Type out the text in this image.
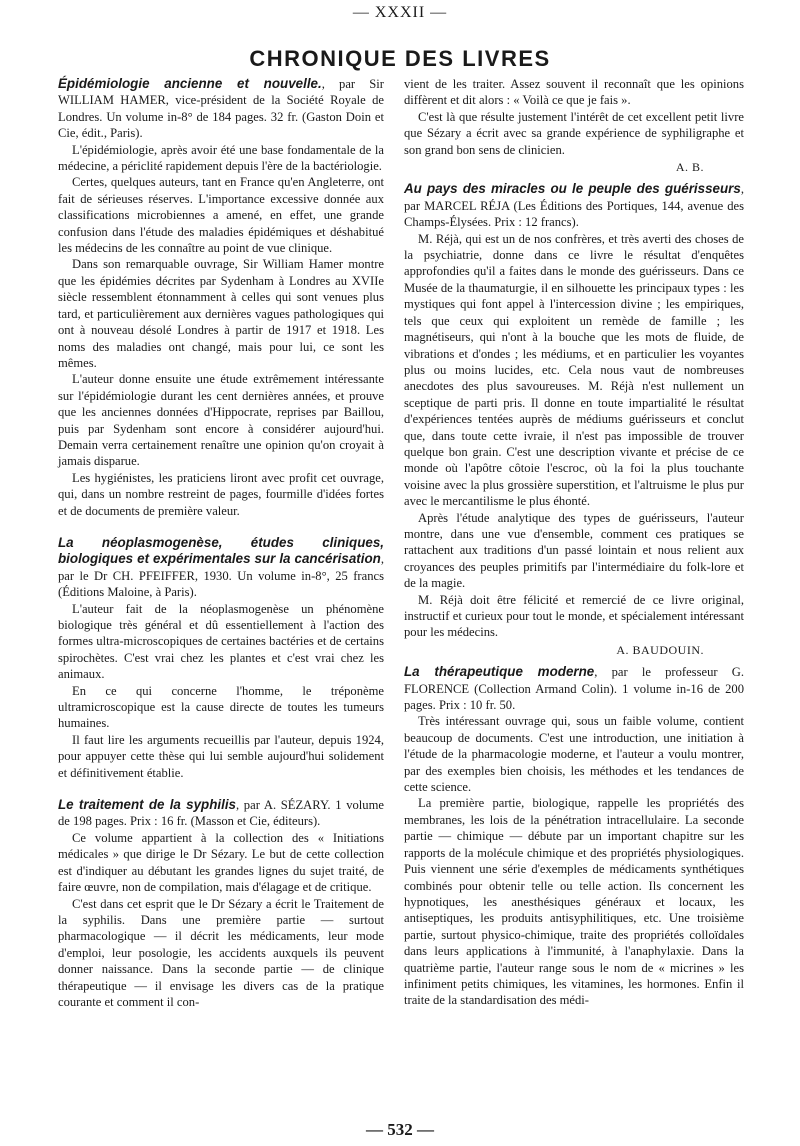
— XXXII —
CHRONIQUE DES LIVRES

Épidémiologie ancienne et nouvelle., par Sir WILLIAM HAMER, vice-président de la Société Royale de Londres. Un volume in-8° de 184 pages. 32 fr. (Gaston Doin et Cie, édit., Paris).

L'épidémiologie, après avoir été une base fondamentale de la médecine, a périclité rapidement depuis l'ère de la bactériologie.

Certes, quelques auteurs, tant en France qu'en Angleterre, ont fait de sérieuses réserves. L'importance excessive donnée aux classifications microbiennes a amené, en effet, une grande confusion dans l'étude des maladies épidémiques et déshabitué les médecins de les connaître au point de vue clinique.

Dans son remarquable ouvrage, Sir William Hamer montre que les épidémies décrites par Sydenham à Londres au XVIIe siècle ressemblent étonnamment à celles qui sont venues plus tard, et particulièrement aux dernières vagues pathologiques qui ont à nouveau désolé Londres à partir de 1917 et 1918. Les noms des maladies ont changé, mais pour lui, ce sont les mêmes.

L'auteur donne ensuite une étude extrêmement intéressante sur l'épidémiologie durant les cent dernières années, et prouve que les anciennes données d'Hippocrate, reprises par Baillou, puis par Sydenham sont encore à considérer aujourd'hui. Demain verra certainement renaître une opinion qu'on croyait à jamais disparue.

Les hygiénistes, les praticiens liront avec profit cet ouvrage, qui, dans un nombre restreint de pages, fourmille d'idées fortes et de documents de première valeur.

La néoplasmogenèse, études cliniques, biologiques et expérimentales sur la cancérisation, par le Dr CH. PFEIFFER, 1930. Un volume in-8°, 25 francs (Éditions Maloine, à Paris).

L'auteur fait de la néoplasmogenèse un phénomène biologique très général et dû essentiellement à l'action des formes ultra-microscopiques de certaines bactéries et de certains spirochètes. C'est vrai chez les plantes et c'est vrai chez les animaux.

En ce qui concerne l'homme, le tréponème ultramicroscopique est la cause directe de toutes les tumeurs humaines.

Il faut lire les arguments recueillis par l'auteur, depuis 1924, pour appuyer cette thèse qui lui semble aujourd'hui solidement et définitivement établie.

Le traitement de la syphilis, par A. SÉZARY. 1 volume de 198 pages. Prix : 16 fr. (Masson et Cie, éditeurs).

Ce volume appartient à la collection des « Initiations médicales » que dirige le Dr Sézary. Le but de cette collection est d'indiquer au débutant les grandes lignes du sujet traité, de faire œuvre, non de compilation, mais d'élagage et de critique.

C'est dans cet esprit que le Dr Sézary a écrit le Traitement de la syphilis. Dans une première partie — surtout pharmacologique — il décrit les médicaments, leur mode d'emploi, leur posologie, les accidents auxquels ils peuvent donner naissance. Dans la seconde partie — de clinique thérapeutique — il envisage les divers cas de la pratique courante et comment il con-

vient de les traiter. Assez souvent il reconnaît que les opinions diffèrent et dit alors : « Voilà ce que je fais ».

C'est là que résulte justement l'intérêt de cet excellent petit livre que Sézary a écrit avec sa grande expérience de syphiligraphe et son grand bon sens de clinicien.

A. B.

Au pays des miracles ou le peuple des guérisseurs, par MARCEL RÉJA (Les Éditions des Portiques, 144, avenue des Champs-Élysées. Prix : 12 francs).

M. Réjà, qui est un de nos confrères, et très averti des choses de la psychiatrie, donne dans ce livre le résultat d'enquêtes approfondies qu'il a faites dans le monde des guérisseurs. Dans ce Musée de la thaumaturgie, il en silhouette les principaux types : les mystiques qui font appel à l'intercession divine ; les empiriques, tels que ceux qui exploitent un remède de famille ; les magnétiseurs, qui n'ont à la bouche que les mots de fluide, de vibrations et d'ondes ; les médiums, et en particulier les voyantes plus ou moins lucides, etc. Cela nous vaut de nombreuses anecdotes des plus savoureuses. M. Réjà n'est nullement un sceptique de parti pris. Il donne en toute impartialité le résultat d'expériences tentées auprès de médiums guérisseurs et conclut que, dans toute cette ivraie, il n'est pas impossible de trouver quelque bon grain. C'est une description vivante et précise de ce monde où l'apôtre côtoie l'escroc, où la foi la plus touchante voisine avec la plus grossière superstition, et l'altruisme le plus pur avec le mercantilisme le plus éhonté.

Après l'étude analytique des types de guérisseurs, l'auteur montre, dans une vue d'ensemble, comment ces pratiques se rattachent aux traditions d'un passé lointain et nous relient aux croyances des peuples primitifs par l'intermédiaire du folk-lore et de la magie.

M. Réjà doit être félicité et remercié de ce livre original, instructif et curieux pour tout le monde, et spécialement intéressant pour les médecins.

A. BAUDOUIN.

La thérapeutique moderne, par le professeur G. FLORENCE (Collection Armand Colin). 1 volume in-16 de 200 pages. Prix : 10 fr. 50.

Très intéressant ouvrage qui, sous un faible volume, contient beaucoup de documents. C'est une introduction, une initiation à l'étude de la pharmacologie moderne, et l'auteur a voulu montrer, par des exemples bien choisis, les méthodes et les tendances de cette science.

La première partie, biologique, rappelle les propriétés des membranes, les lois de la pénétration intracellulaire. La seconde partie — chimique — débute par un important chapitre sur les rapports de la molécule chimique et des propriétés physiologiques. Puis viennent une série d'exemples de médicaments synthétiques combinés pour obtenir telle ou telle action. Ils concernent les hypnotiques, les anesthésiques généraux et locaux, les antiseptiques, les produits antisyphilitiques, etc. Une troisième partie, surtout physico-chimique, traite des propriétés colloïdales dans leurs applications à l'immunité, à l'anaphylaxie. Dans la quatrième partie, l'auteur range sous le nom de « micrines » les infiniment petits chimiques, les vitamines, les hormones. Enfin il traite de la standardisation des médi-

— 532 —
